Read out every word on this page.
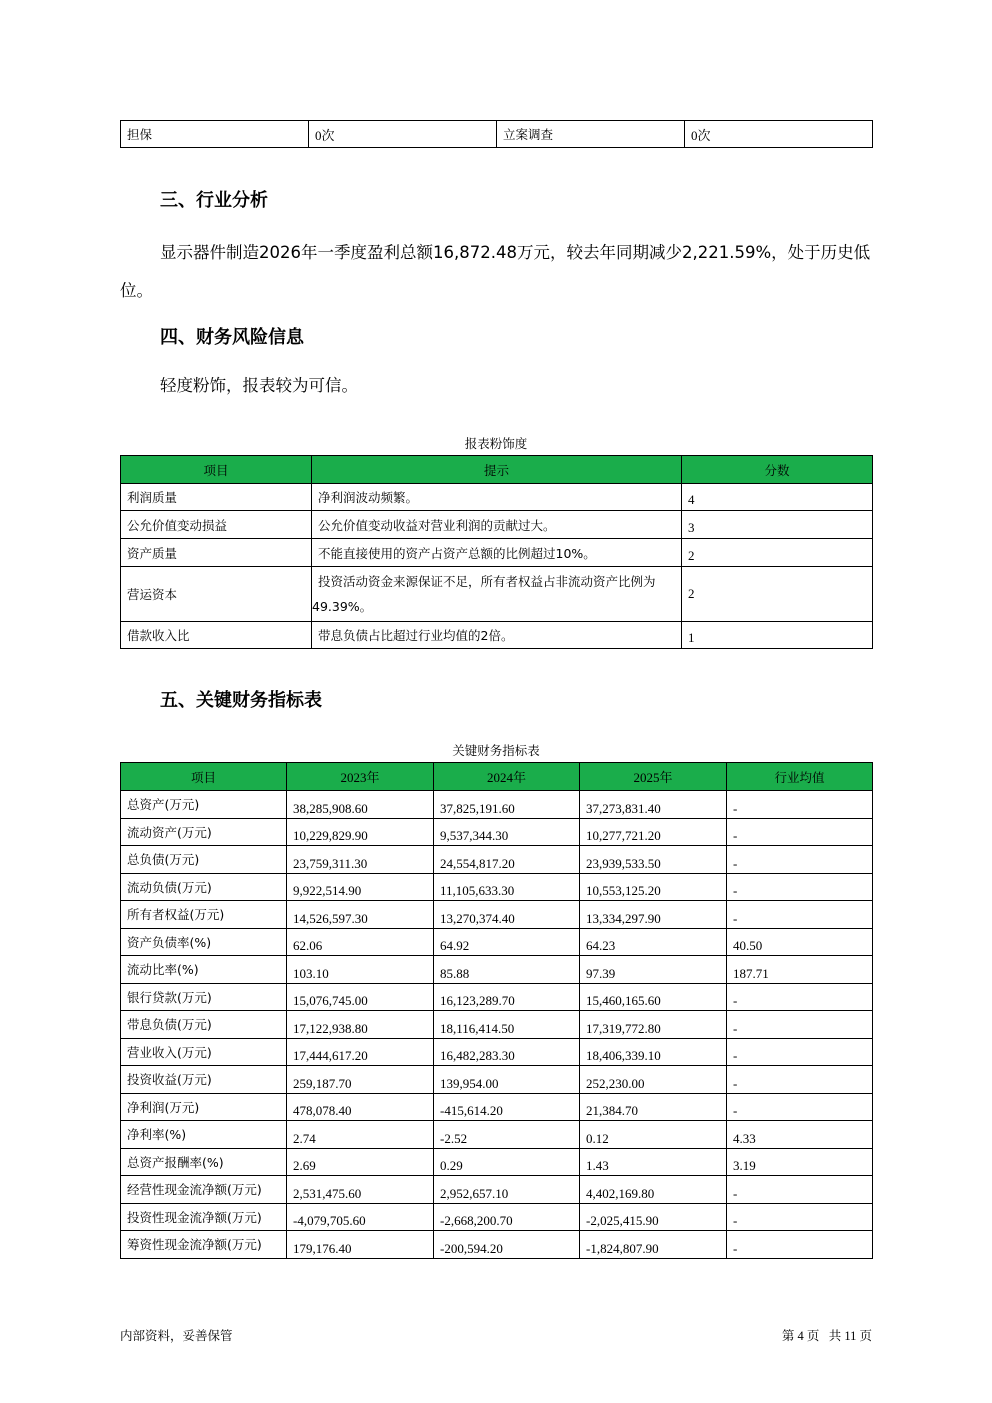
担保	0次	立案调查	0次
三、行业分析
显示器件制造2026年一季度盈利总额16,872.48万元，较去年同期减少2,221.59%，处于历史低位。
四、财务风险信息
轻度粉饰，报表较为可信。
报表粉饰度
项目	提示	分数
利润质量	净利润波动频繁。	4
公允价值变动损益	公允价值变动收益对营业利润的贡献过大。	3
资产质量	不能直接使用的资产占资产总额的比例超过10%。	2
营运资本	投资活动资金来源保证不足，所有者权益占非流动资产比例为49.39%。	2
借款收入比	带息负债占比超过行业均值的2倍。	1
五、关键财务指标表
关键财务指标表
项目	2023年	2024年	2025年	行业均值
总资产(万元)	38,285,908.60	37,825,191.60	37,273,831.40	-
流动资产(万元)	10,229,829.90	9,537,344.30	10,277,721.20	-
总负债(万元)	23,759,311.30	24,554,817.20	23,939,533.50	-
流动负债(万元)	9,922,514.90	11,105,633.30	10,553,125.20	-
所有者权益(万元)	14,526,597.30	13,270,374.40	13,334,297.90	-
资产负债率(%)	62.06	64.92	64.23	40.50
流动比率(%)	103.10	85.88	97.39	187.71
银行贷款(万元)	15,076,745.00	16,123,289.70	15,460,165.60	-
带息负债(万元)	17,122,938.80	18,116,414.50	17,319,772.80	-
营业收入(万元)	17,444,617.20	16,482,283.30	18,406,339.10	-
投资收益(万元)	259,187.70	139,954.00	252,230.00	-
净利润(万元)	478,078.40	-415,614.20	21,384.70	-
净利率(%)	2.74	-2.52	0.12	4.33
总资产报酬率(%)	2.69	0.29	1.43	3.19
经营性现金流净额(万元)	2,531,475.60	2,952,657.10	4,402,169.80	-
投资性现金流净额(万元)	-4,079,705.60	-2,668,200.70	-2,025,415.90	-
筹资性现金流净额(万元)	179,176.40	-200,594.20	-1,824,807.90	-
内部资料，妥善保管	第 4 页   共 11 页
